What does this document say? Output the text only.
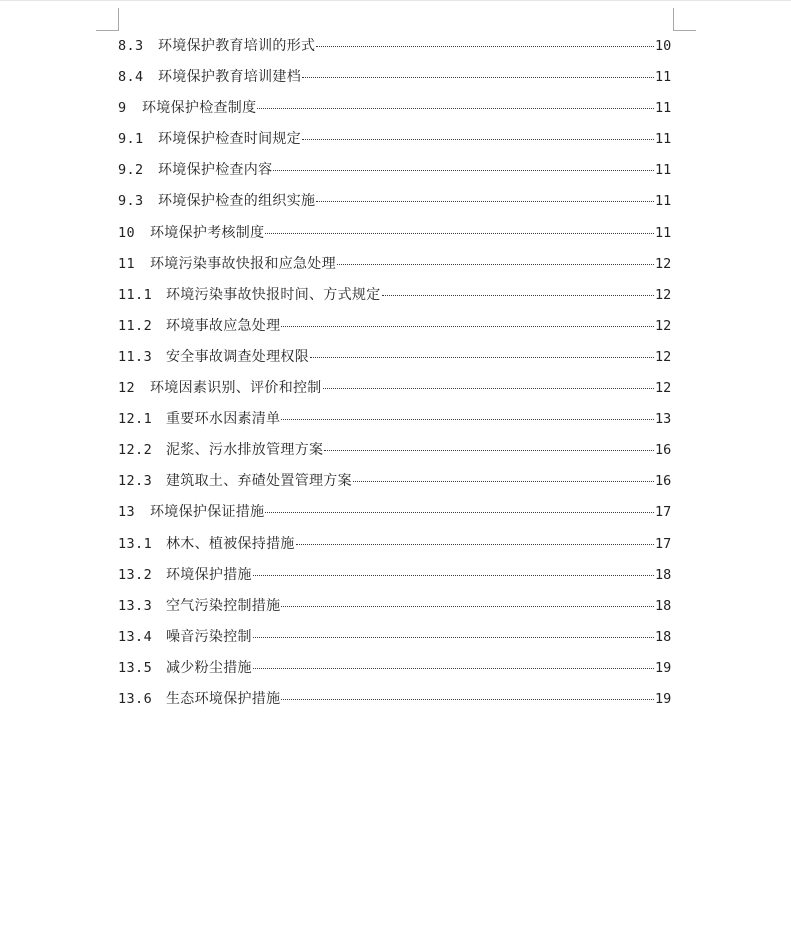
8.3	环境保护教育培训的形式	10
8.4	环境保护教育培训建档	11
9	环境保护检查制度	11
9.1	环境保护检查时间规定	11
9.2	环境保护检查内容	11
9.3	环境保护检查的组织实施	11
10	环境保护考核制度	11
11	环境污染事故快报和应急处理	12
11.1 环境污染事故快报时间、方式规定	12
11.2 环境事故应急处理	12
11.3 安全事故调查处理权限	12
12	环境因素识别、评价和控制	12
12.1 重要环水因素清单	13
12.2 泥浆、污水排放管理方案	16
12.3 建筑取土、弃碴处置管理方案	16
13	环境保护保证措施	17
13.1 林木、植被保持措施	17
13.2 环境保护措施	18
13.3 空气污染控制措施	18
13.4 噪音污染控制	18
13.5 减少粉尘措施	19
13.6 生态环境保护措施	19
